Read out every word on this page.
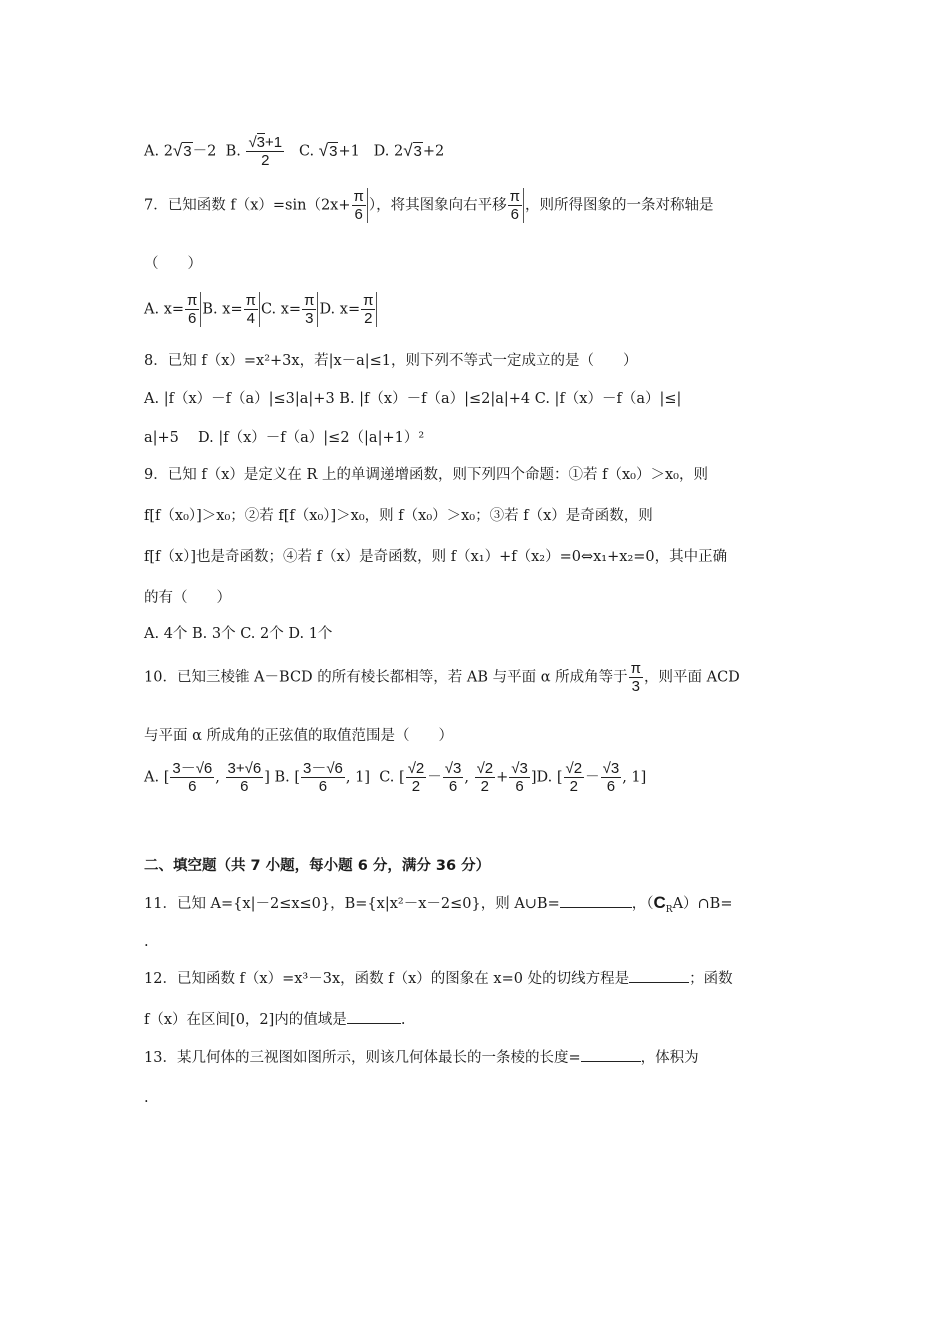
A. 2√3－2 B. $\frac{√3+1}{2} C$. √3+1 D. 2√3+2
7．已知函数 $f(x)=\sin(2x+ \frac{\pi}{6}$ ），将其图象向右平移 $\frac{\pi}{6}$ ，则所得图象的一条对称轴是
（　　）
A. $x= \frac{\pi}{6} B$. $x= \frac{\pi}{4} C$. $x= \frac{\pi}{3} D$. $x= \frac{\pi}{2}$
8．已知 f（x）=x²+3x，若|x－a|≤1，则下列不等式一定成立的是（　　）
A. |f（x）－f（a）|≤3|a|+3 B. |f（x）－f（a）|≤2|a|+4 C. |f（x）－f（a）|≤|
a|+5　 D. |f（x）－f（a）|≤2（|a|+1）²
9．已知 f（x）是定义在 R 上的单调递增函数，则下列四个命题：①若 f（x₀）＞x₀，则
f[f（x₀）]＞x₀；②若 f[f（x₀）]＞x₀，则 f（x₀）＞x₀；③若 f（x）是奇函数，则
f[f（x）]也是奇函数；④若 f（x）是奇函数，则 f（x₁）+f（x₂）=0⇔x₁+x₂=0，其中正确
的有（　　）
A. 4个 B. 3个 C. 2个 D. 1个
10．已知三棱锥 A－BCD 的所有棱长都相等，若 AB 与平面 α 所成角等于 $\frac{\pi}{3}$ ，则平面 ACD
与平面 α 所成角的正弦值的取值范围是（　　）
A. [ $\frac{3-√6}{6}$ , $\frac{3+√6}{6}$ ] B. [ $\frac{3-√6}{6}$ , 1] C. [ $\frac{√2}{2} - \frac{√3}{6}$ , $\frac{√2}{2} + \frac{√3}{6} ]D$. [ $\frac{√2}{2} - \frac{√3}{6}$ , 1]
二、填空题（共 7 小题，每小题 6 分，满分 36 分）
11．已知 A={x|－2≤x≤0}，B={x|x²－x－2≤0}，则 A∪B=	，$(C_RA)\cap B=$
.
12．已知函数 f（x）=x³－3x，函数 f（x）的图象在 x=0 处的切线方程是	；函数
f（x）在区间[0，2]内的值域是	.
13．某几何体的三视图如图所示，则该几何体最长的一条棱的长度=	，体积为
.
